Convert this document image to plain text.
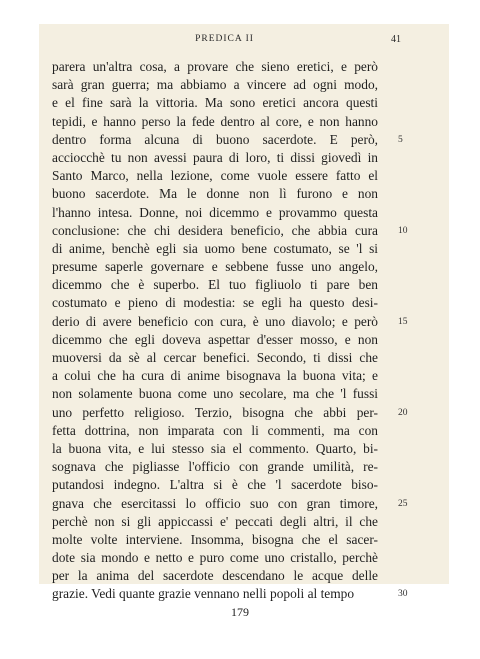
PREDICA II	41
parera un'altra cosa, a provare che sieno eretici, e però
sarà gran guerra; ma abbiamo a vincere ad ogni modo,
e el fine sarà la vittoria. Ma sono eretici ancora questi
tepidi, e hanno perso la fede dentro al core, e non hanno
dentro forma alcuna di buono sacerdote. E però, 5
acciocchè tu non avessi paura di loro, ti dissi giovedì in
Santo Marco, nella lezione, come vuole essere fatto el
buono sacerdote. Ma le donne non lì furono e non
l'hanno intesa. Donne, noi dicemmo e provammo questa
conclusione: che chi desidera beneficio, che abbia cura 10
di anime, benchè egli sia uomo bene costumato, se 'l si
presume saperle governare e sebbene fusse uno angelo,
dicemmo che è superbo. El tuo figliuolo ti pare ben
costumato e pieno di modestia: se egli ha questo desi-
derio di avere beneficio con cura, è uno diavolo; e però 15
dicemmo che egli doveva aspettar d'esser mosso, e non
muoversi da sè al cercar benefici. Secondo, ti dissi che
a colui che ha cura di anime bisognava la buona vita; e
non solamente buona come uno secolare, ma che 'l fussi
uno perfetto religioso. Terzio, bisogna che abbi per- 20
fetta dottrina, non imparata con li commenti, ma con
la buona vita, e lui stesso sia el commento. Quarto, bi-
sognava che pigliasse l'officio con grande umilità, re-
putandosi indegno. L'altra si è che 'l sacerdote biso-
gnava che esercitassi lo officio suo con gran timore, 25
perchè non si gli appiccassi e' peccati degli altri, il che
molte volte interviene. Insomma, bisogna che el sacer-
dote sia mondo e netto e puro come uno cristallo, perchè
per la anima del sacerdote descendano le acque delle
grazie. Vedi quante grazie vennano nelli popoli al tempo	30
179
